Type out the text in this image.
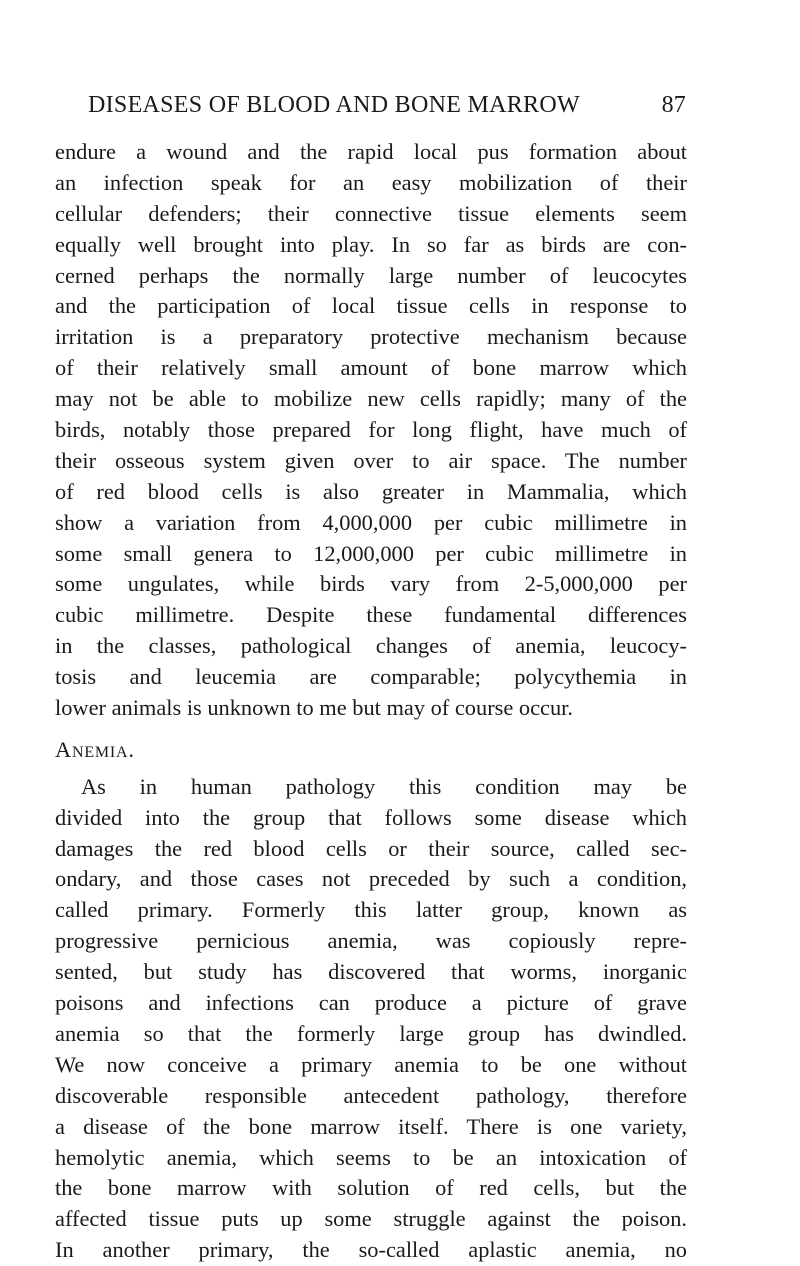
DISEASES OF BLOOD AND BONE MARROW	87
endure a wound and the rapid local pus formation about
an infection speak for an easy mobilization of their
cellular defenders; their connective tissue elements seem
equally well brought into play. In so far as birds are con-
cerned perhaps the normally large number of leucocytes
and the participation of local tissue cells in response to
irritation is a preparatory protective mechanism because
of their relatively small amount of bone marrow which
may not be able to mobilize new cells rapidly; many of the
birds, notably those prepared for long flight, have much of
their osseous system given over to air space. The number
of red blood cells is also greater in Mammalia, which
show a variation from 4,000,000 per cubic millimetre in
some small genera to 12,000,000 per cubic millimetre in
some ungulates, while birds vary from 2-5,000,000 per
cubic millimetre. Despite these fundamental differences
in the classes, pathological changes of anemia, leucocy-
tosis and leucemia are comparable; polycythemia in
lower animals is unknown to me but may of course occur.
Anemia.
As in human pathology this condition may be
divided into the group that follows some disease which
damages the red blood cells or their source, called sec-
ondary, and those cases not preceded by such a condition,
called primary. Formerly this latter group, known as
progressive pernicious anemia, was copiously repre-
sented, but study has discovered that worms, inorganic
poisons and infections can produce a picture of grave
anemia so that the formerly large group has dwindled.
We now conceive a primary anemia to be one without
discoverable responsible antecedent pathology, therefore
a disease of the bone marrow itself. There is one variety,
hemolytic anemia, which seems to be an intoxication of
the bone marrow with solution of red cells, but the
affected tissue puts up some struggle against the poison.
In another primary, the so-called aplastic anemia, no
